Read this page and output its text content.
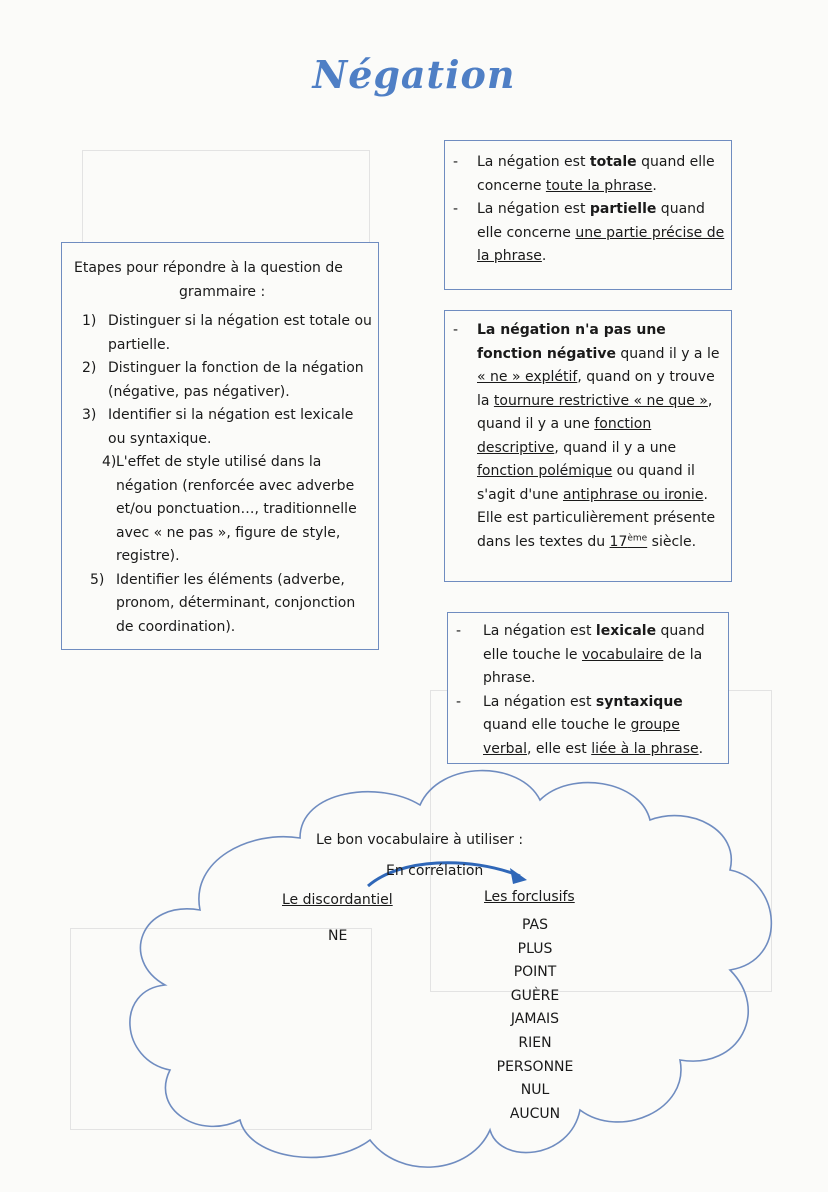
Négation
Etapes pour répondre à la question de
grammaire :
1) Distinguer si la négation est totale ou partielle.
2) Distinguer la fonction de la négation (négative, pas négativer).
3) Identifier si la négation est lexicale ou syntaxique.
4) L'effet de style utilisé dans la négation (renforcée avec adverbe et/ou ponctuation…, traditionnelle avec « ne pas », figure de style, registre).
5) Identifier les éléments (adverbe, pronom, déterminant, conjonction de coordination).
- La négation est totale quand elle concerne toute la phrase.
- La négation est partielle quand elle concerne une partie précise de la phrase.
- La négation n'a pas une fonction négative quand il y a le « ne » explétif, quand on y trouve la tournure restrictive « ne que », quand il y a une fonction descriptive, quand il y a une fonction polémique ou quand il s'agit d'une antiphrase ou ironie. Elle est particulièrement présente dans les textes du 17ème siècle.
- La négation est lexicale quand elle touche le vocabulaire de la phrase.
- La négation est syntaxique quand elle touche le groupe verbal, elle est liée à la phrase.
Le bon vocabulaire à utiliser :
En corrélation
Le discordantiel
NE
Les forclusifs
PAS
PLUS
POINT
GUÈRE
JAMAIS
RIEN
PERSONNE
NUL
AUCUN
